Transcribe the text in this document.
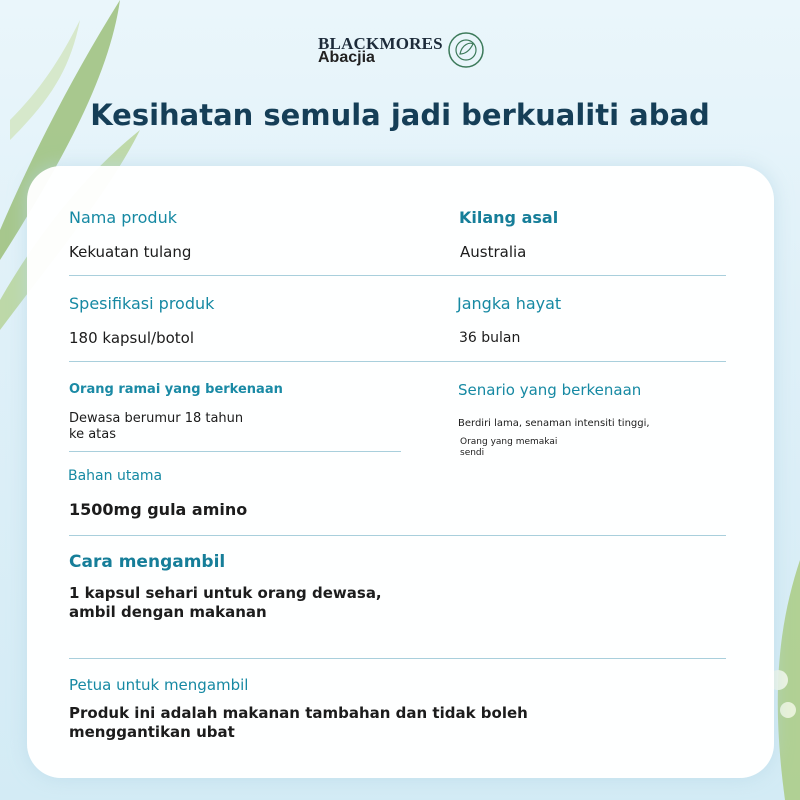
BLACKMORES
Abacjia
Kesihatan semula jadi berkualiti abad
Nama produk
Kekuatan tulang
Kilang asal
Australia
Spesifikasi produk
180 kapsul/botol
Jangka hayat
36 bulan
Orang ramai yang berkenaan
Dewasa berumur 18 tahun
ke atas
Senario yang berkenaan
Berdiri lama, senaman intensiti tinggi,
Orang yang memakai
sendi
Bahan utama
1500mg gula amino
Cara mengambil
1 kapsul sehari untuk orang dewasa,
ambil dengan makanan
Petua untuk mengambil
Produk ini adalah makanan tambahan dan tidak boleh
menggantikan ubat
